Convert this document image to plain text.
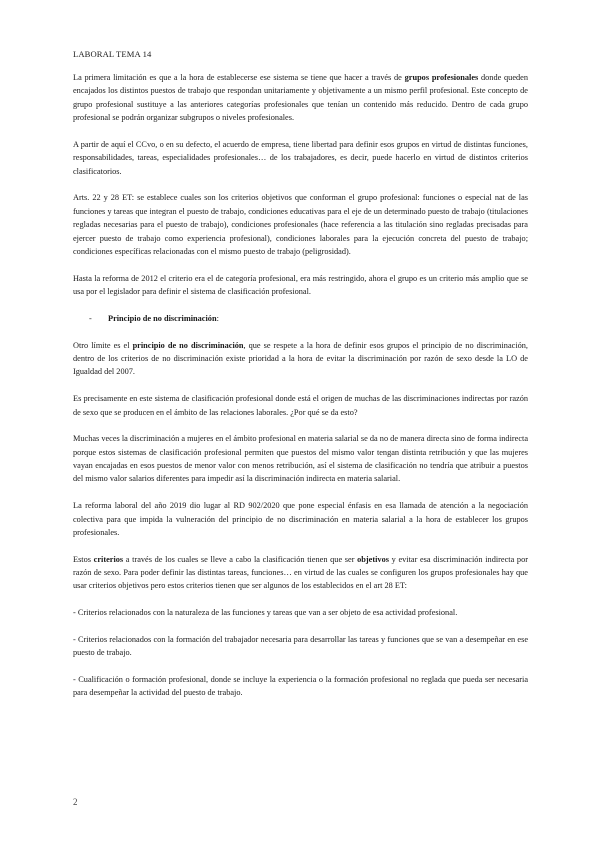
LABORAL TEMA 14

La primera limitación es que a la hora de establecerse ese sistema se tiene que hacer a través de grupos profesionales donde queden encajados los distintos puestos de trabajo que respondan unitariamente y objetivamente a un mismo perfil profesional. Este concepto de grupo profesional sustituye a las anteriores categorías profesionales que tenían un contenido más reducido. Dentro de cada grupo profesional se podrán organizar subgrupos o niveles profesionales.

A partir de aquí el CCvo, o en su defecto, el acuerdo de empresa, tiene libertad para definir esos grupos en virtud de distintas funciones, responsabilidades, tareas, especialidades profesionales… de los trabajadores, es decir, puede hacerlo en virtud de distintos criterios clasificatorios.

Arts. 22 y 28 ET: se establece cuales son los criterios objetivos que conforman el grupo profesional: funciones o especial nat de las funciones y tareas que integran el puesto de trabajo, condiciones educativas para el eje de un determinado puesto de trabajo (titulaciones regladas necesarias para el puesto de trabajo), condiciones profesionales (hace referencia a las titulación sino regladas precisadas para ejercer puesto de trabajo como experiencia profesional), condiciones laborales para la ejecución concreta del puesto de trabajo; condiciones específicas relacionadas con el mismo puesto de trabajo (peligrosidad).

Hasta la reforma de 2012 el criterio era el de categoría profesional, era más restringido, ahora el grupo es un criterio más amplio que se usa por el legislador para definir el sistema de clasificación profesional.

-	Principio de no discriminación:

Otro límite es el principio de no discriminación, que se respete a la hora de definir esos grupos el principio de no discriminación, dentro de los criterios de no discriminación existe prioridad a la hora de evitar la discriminación por razón de sexo desde la LO de Igualdad del 2007.

Es precisamente en este sistema de clasificación profesional donde está el origen de muchas de las discriminaciones indirectas por razón de sexo que se producen en el ámbito de las relaciones laborales. ¿Por qué se da esto?

Muchas veces la discriminación a mujeres en el ámbito profesional en materia salarial se da no de manera directa sino de forma indirecta porque estos sistemas de clasificación profesional permiten que puestos del mismo valor tengan distinta retribución y que las mujeres vayan encajadas en esos puestos de menor valor con menos retribución, así el sistema de clasificación no tendría que atribuir a puestos del mismo valor salarios diferentes para impedir así la discriminación indirecta en materia salarial.

La reforma laboral del año 2019 dio lugar al RD 902/2020 que pone especial énfasis en esa llamada de atención a la negociación colectiva para que impida la vulneración del principio de no discriminación en materia salarial a la hora de establecer los grupos profesionales.

Estos criterios a través de los cuales se lleve a cabo la clasificación tienen que ser objetivos y evitar esa discriminación indirecta por razón de sexo. Para poder definir las distintas tareas, funciones… en virtud de las cuales se configuren los grupos profesionales hay que usar criterios objetivos pero estos criterios tienen que ser algunos de los establecidos en el art 28 ET:

- Criterios relacionados con la naturaleza de las funciones y tareas que van a ser objeto de esa actividad profesional.

- Criterios relacionados con la formación del trabajador necesaria para desarrollar las tareas y funciones que se van a desempeñar en ese puesto de trabajo.

- Cualificación o formación profesional, donde se incluye la experiencia o la formación profesional no reglada que pueda ser necesaria para desempeñar la actividad del puesto de trabajo.

2
